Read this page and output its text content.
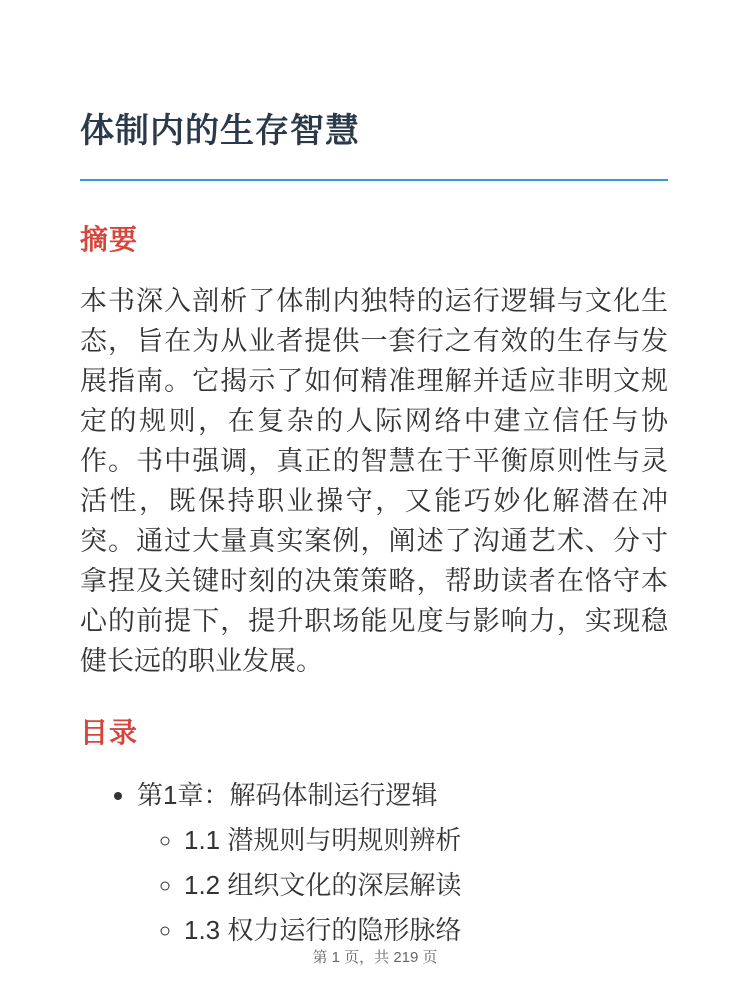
体制内的生存智慧
摘要

本书深入剖析了体制内独特的运行逻辑与文化生态，旨在为从业者提供一套行之有效的生存与发展指南。它揭示了如何精准理解并适应非明文规定的规则，在复杂的人际网络中建立信任与协作。书中强调，真正的智慧在于平衡原则性与灵活性，既保持职业操守，又能巧妙化解潜在冲突。通过大量真实案例，阐述了沟通艺术、分寸拿捏及关键时刻的决策策略，帮助读者在恪守本心的前提下，提升职场能见度与影响力，实现稳健长远的职业发展。

目录
• 第1章：解码体制运行逻辑
◦ 1.1 潜规则与明规则辨析
◦ 1.2 组织文化的深层解读
◦ 1.3 权力运行的隐形脉络
第 1 页，共 219 页
